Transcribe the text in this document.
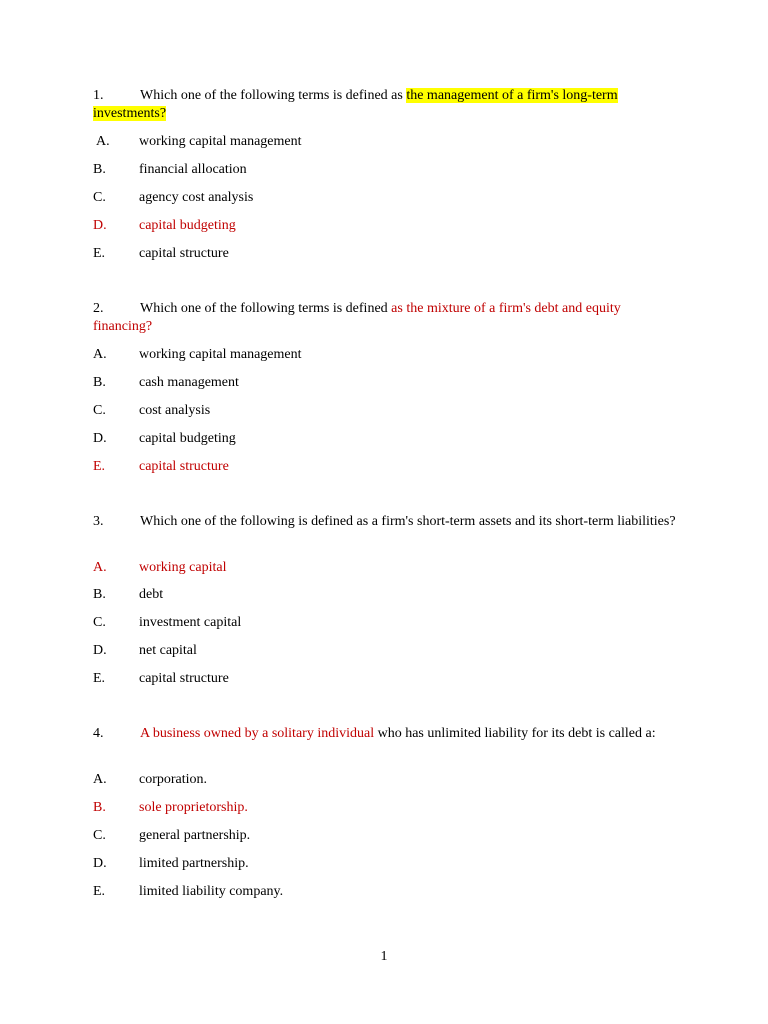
1.	Which one of the following terms is defined as the management of a firm's long-term investments?
A. working capital management
B. financial allocation
C. agency cost analysis
D. capital budgeting
E. capital structure
2.	Which one of the following terms is defined as the mixture of a firm's debt and equity financing?
A. working capital management
B. cash management
C. cost analysis
D. capital budgeting
E. capital structure
3.	Which one of the following is defined as a firm's short-term assets and its short-term liabilities?
A. working capital
B. debt
C. investment capital
D. net capital
E. capital structure
4.	A business owned by a solitary individual who has unlimited liability for its debt is called a:
A. corporation.
B. sole proprietorship.
C. general partnership.
D. limited partnership.
E. limited liability company.
1
